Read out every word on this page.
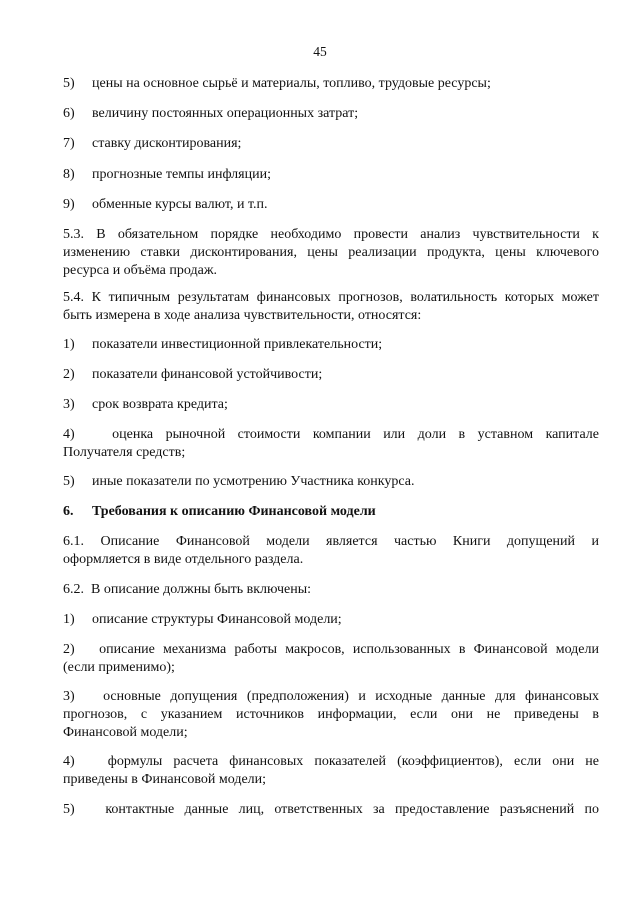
45
5)	цены на основное сырьё и материалы, топливо, трудовые ресурсы;
6)	величину постоянных операционных затрат;
7)	ставку дисконтирования;
8)	прогнозные темпы инфляции;
9)	обменные курсы валют, и т.п.
5.3. В обязательном порядке необходимо провести анализ чувствительности к
изменению ставки дисконтирования, цены реализации продукта, цены ключевого
ресурса и объёма продаж.
5.4. К типичным результатам финансовых прогнозов, волатильность которых может
быть измерена в ходе анализа чувствительности, относятся:
1)	показатели инвестиционной привлекательности;
2)	показатели финансовой устойчивости;
3)	срок возврата кредита;
4)   оценка рыночной стоимости компании или доли в уставном капитале
Получателя средств;
5)	иные показатели по усмотрению Участника конкурса.
6.	Требования к описанию Финансовой модели
6.1. Описание Финансовой модели является частью Книги допущений и
оформляется в виде отдельного раздела.
6.2.  В описание должны быть включены:
1)	описание структуры Финансовой модели;
2)   описание механизма работы макросов, использованных в Финансовой модели
(если применимо);
3)   основные допущения (предположения) и исходные данные для финансовых
прогнозов, с указанием источников информации, если они не приведены в
Финансовой модели;
4)   формулы расчета финансовых показателей (коэффициентов), если они не
приведены в Финансовой модели;
5)   контактные данные лиц, ответственных за предоставление разъяснений по
